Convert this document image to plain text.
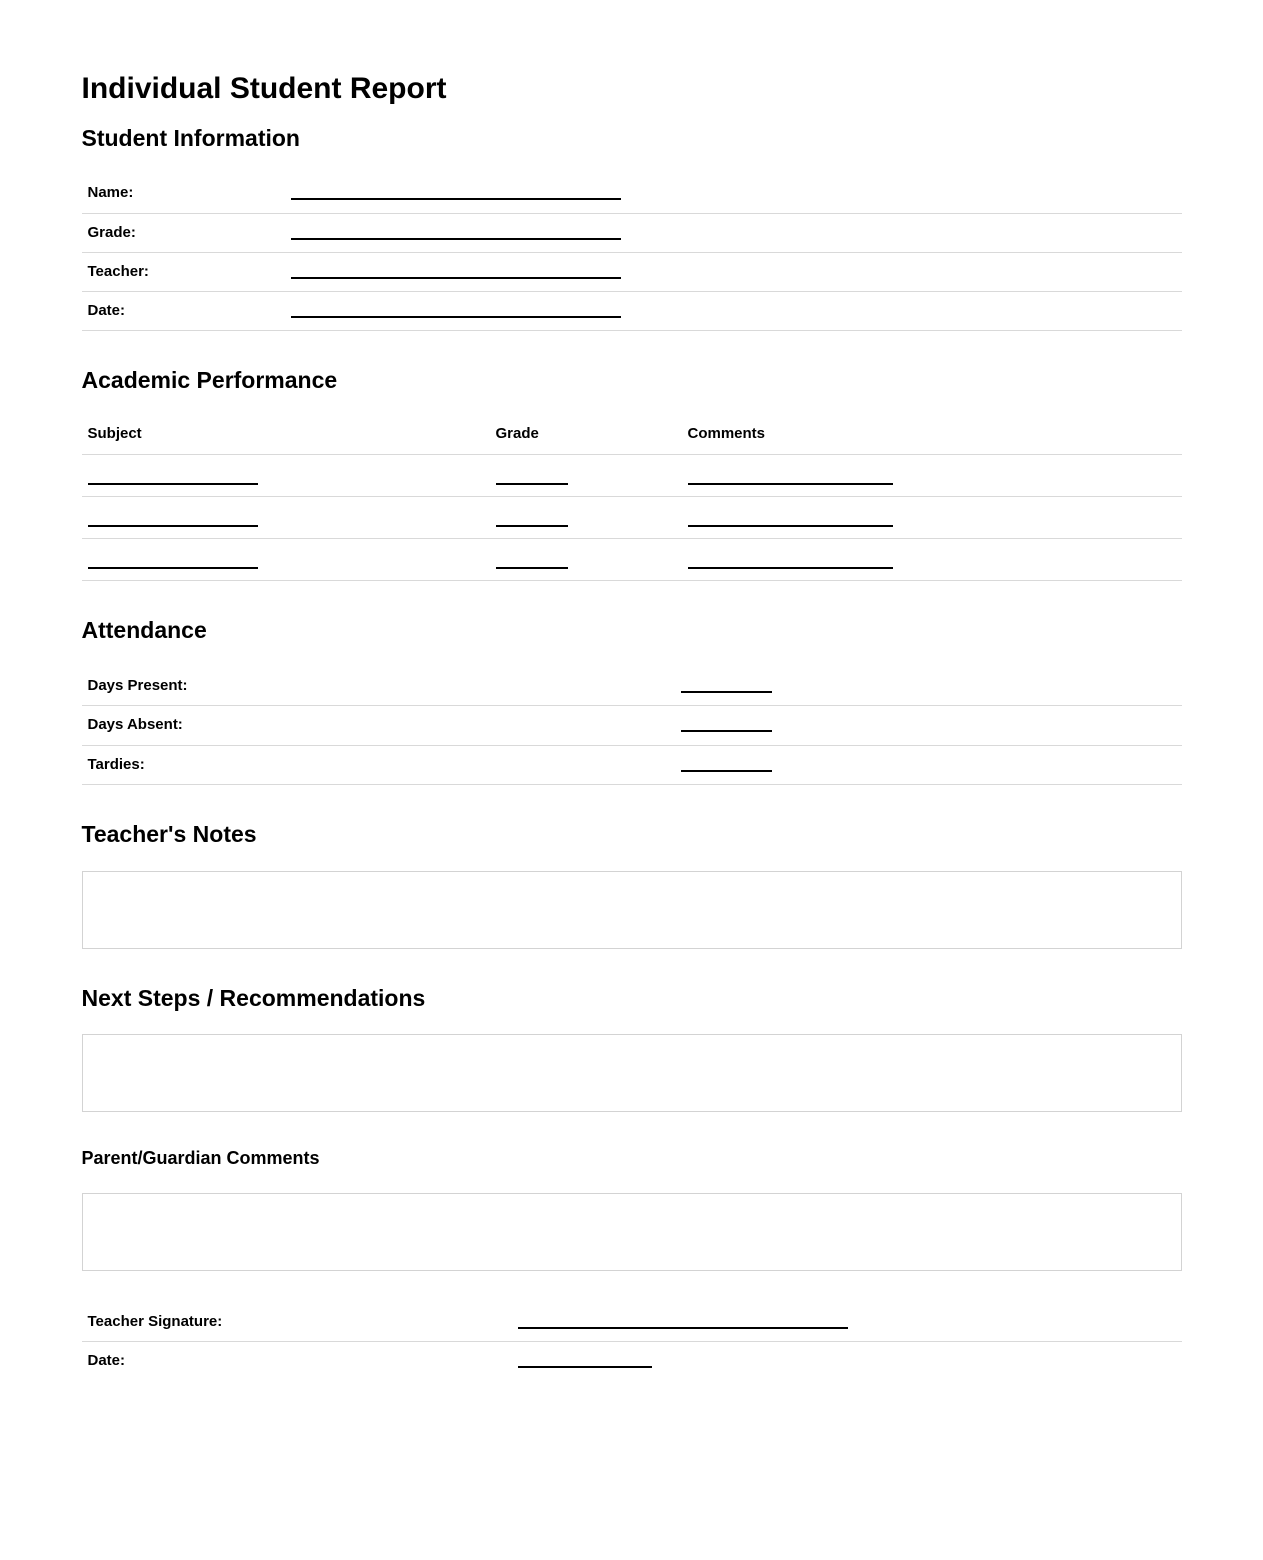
Individual Student Report
Student Information
Name:
Grade:
Teacher:
Date:
Academic Performance
Subject	Grade	Comments
Attendance
Days Present:
Days Absent:
Tardies:
Teacher's Notes
Next Steps / Recommendations
Parent/Guardian Comments
Teacher Signature:
Date:
